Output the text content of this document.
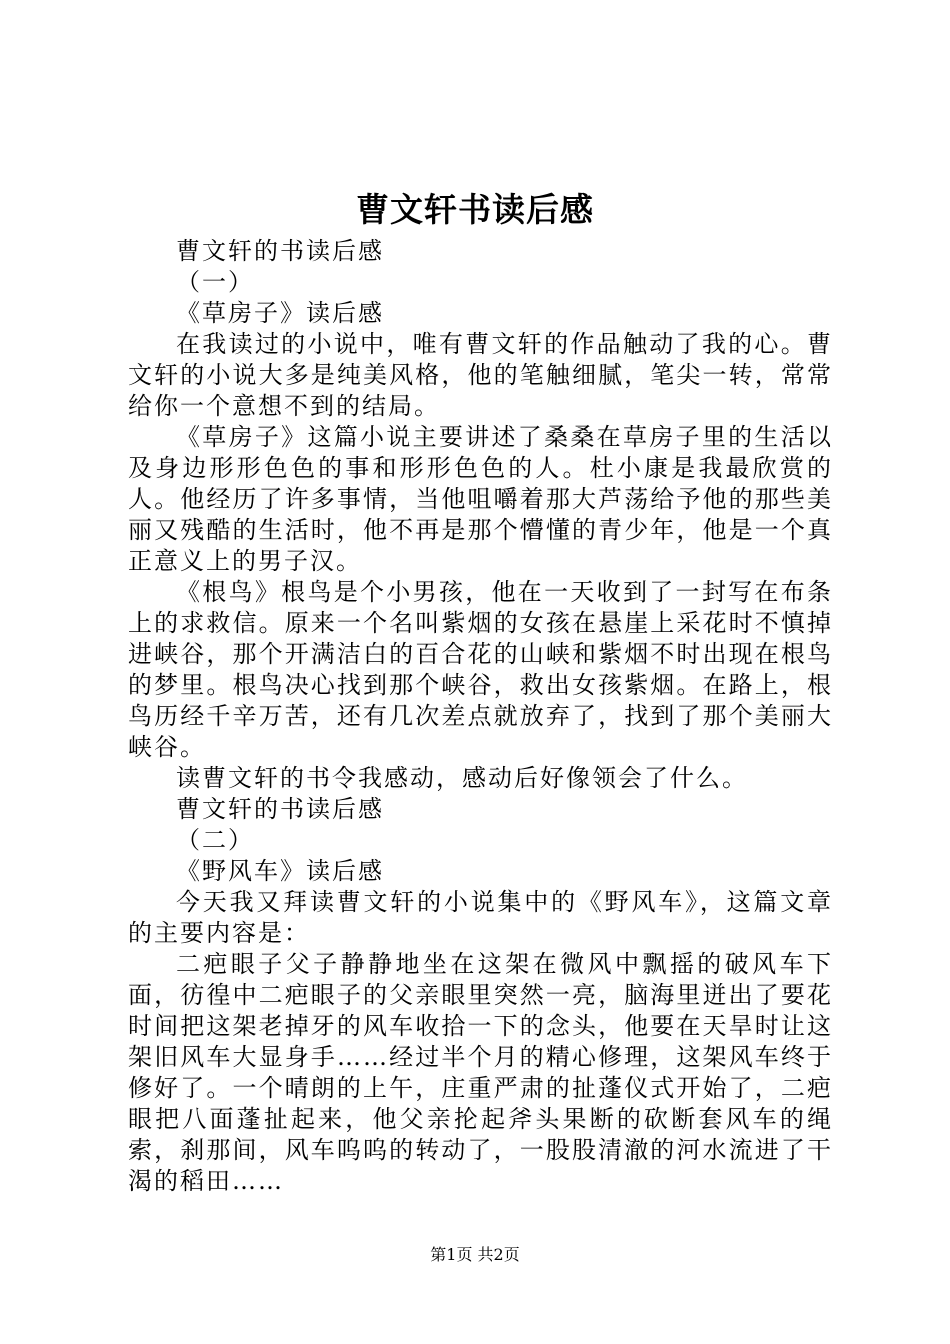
曹文轩书读后感

曹文轩的书读后感

（一）

《草房子》读后感

在我读过的小说中，唯有曹文轩的作品触动了我的心。曹文轩的小说大多是纯美风格，他的笔触细腻，笔尖一转，常常给你一个意想不到的结局。

《草房子》这篇小说主要讲述了桑桑在草房子里的生活以及身边形形色色的事和形形色色的人。杜小康是我最欣赏的人。他经历了许多事情，当他咀嚼着那大芦荡给予他的那些美丽又残酷的生活时，他不再是那个懵懂的青少年，他是一个真正意义上的男子汉。

《根鸟》根鸟是个小男孩，他在一天收到了一封写在布条上的求救信。原来一个名叫紫烟的女孩在悬崖上采花时不慎掉进峡谷，那个开满洁白的百合花的山峡和紫烟不时出现在根鸟的梦里。根鸟决心找到那个峡谷，救出女孩紫烟。在路上，根鸟历经千辛万苦，还有几次差点就放弃了，找到了那个美丽大峡谷。

读曹文轩的书令我感动，感动后好像领会了什么。

曹文轩的书读后感

（二）

《野风车》读后感

今天我又拜读曹文轩的小说集中的《野风车》，这篇文章的主要内容是：

二疤眼子父子静静地坐在这架在微风中飘摇的破风车下面，彷徨中二疤眼子的父亲眼里突然一亮，脑海里迸出了要花时间把这架老掉牙的风车收拾一下的念头，他要在天旱时让这架旧风车大显身手……经过半个月的精心修理，这架风车终于修好了。一个晴朗的上午，庄重严肃的扯蓬仪式开始了，二疤眼把八面蓬扯起来，他父亲抡起斧头果断的砍断套风车的绳索，刹那间，风车呜呜的转动了，一股股清澈的河水流进了干渴的稻田……

第1页 共2页
